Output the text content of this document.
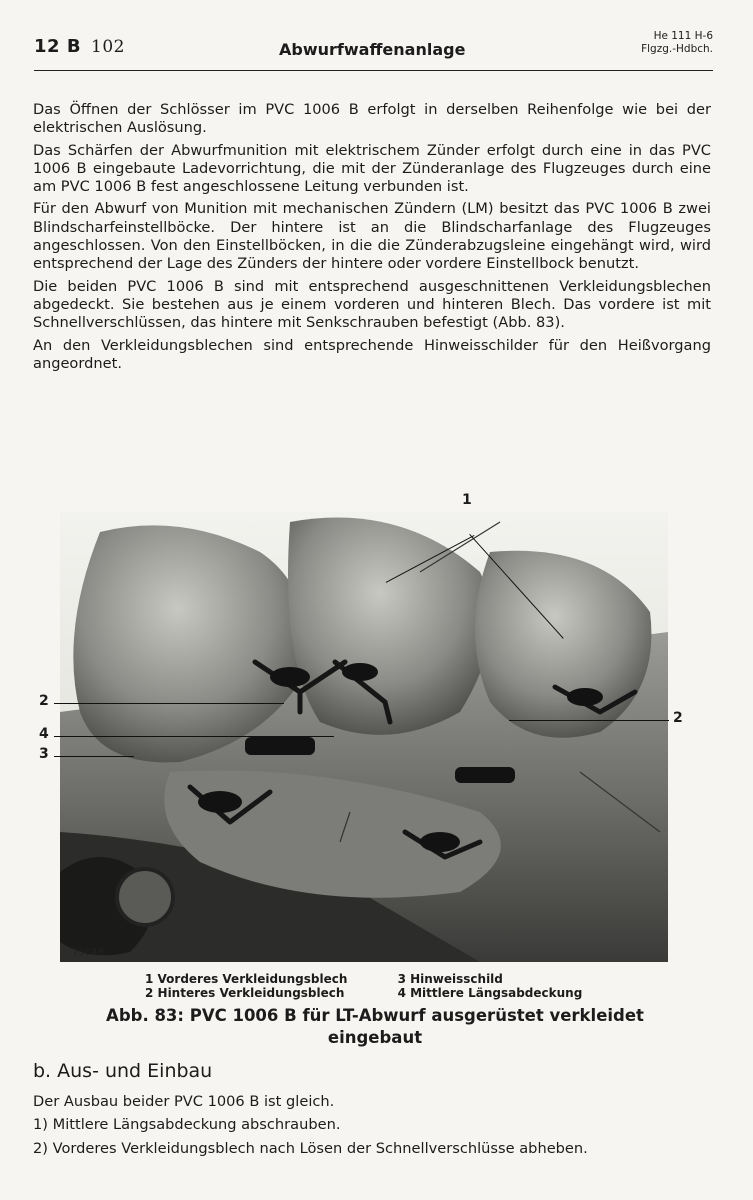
12 B 102	Abwurfwaffenanlage
He 111 H-6
Flgzg.-Hdbch.

Das Öffnen der Schlösser im PVC 1006 B erfolgt in derselben Reihenfolge wie bei der elektrischen Auslösung.

Das Schärfen der Abwurfmunition mit elektrischem Zünder erfolgt durch eine in das PVC 1006 B eingebaute Ladevorrichtung, die mit der Zünderanlage des Flugzeuges durch eine am PVC 1006 B fest angeschlossene Leitung verbunden ist.

Für den Abwurf von Munition mit mechanischen Zündern (LM) besitzt das PVC 1006 B zwei Blindscharfeinstellböcke. Der hintere ist an die Blindscharfanlage des Flugzeuges angeschlossen. Von den Einstellböcken, in die die Zünderabzugsleine eingehängt wird, wird entsprechend der Lage des Zünders der hintere oder vordere Einstellbock benutzt.

Die beiden PVC 1006 B sind mit entsprechend ausgeschnittenen Verkleidungsblechen abgedeckt. Sie bestehen aus je einem vorderen und hinteren Blech. Das vordere ist mit Schnellverschlüssen, das hintere mit Senkschrauben befestigt (Abb. 83).

An den Verkleidungsblechen sind entsprechende Hinweisschilder für den Heißvorgang angeordnet.

75048
1
2
4
3
2
1 Vorderes Verkleidungsblech
2 Hinteres Verkleidungsblech

3 Hinweisschild
4 Mittlere Längsabdeckung
Abb. 83: PVC 1006 B für LT-Abwurf ausgerüstet verkleidet
eingebaut
b. Aus- und Einbau

Der Ausbau beider PVC 1006 B ist gleich.

1) Mittlere Längsabdeckung abschrauben.

2) Vorderes Verkleidungsblech nach Lösen der Schnellverschlüsse abheben.
